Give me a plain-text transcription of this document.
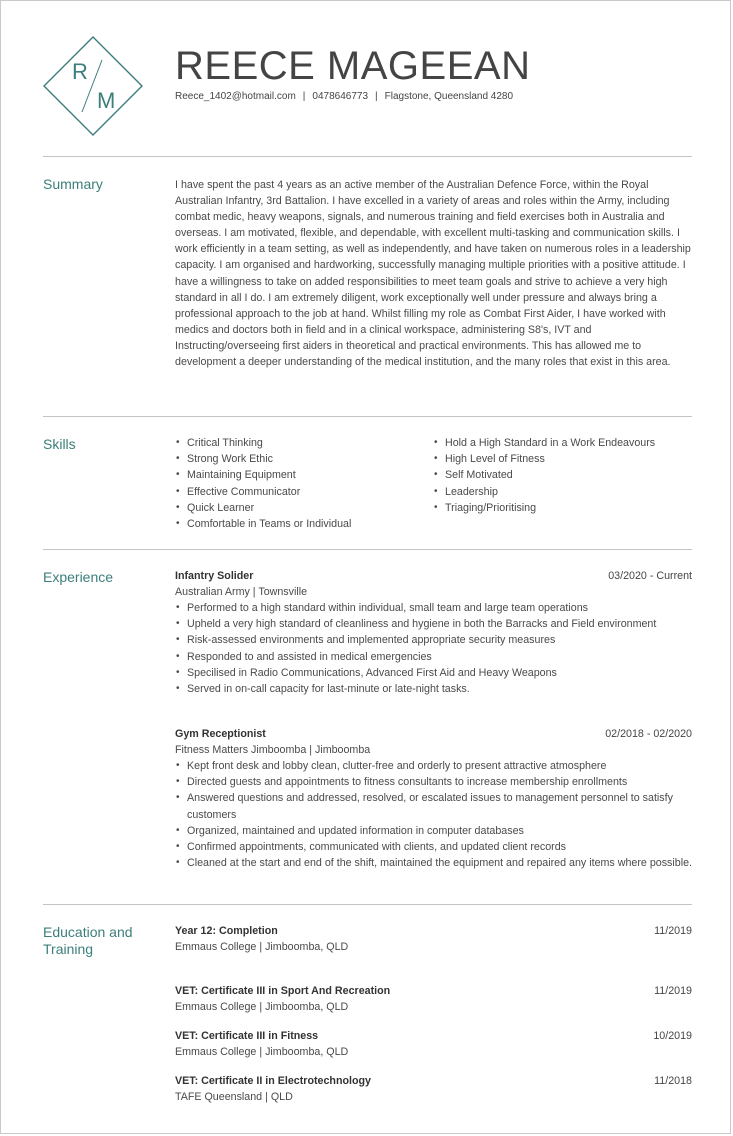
R
M
REECE MAGEEAN
Reece_1402@hotmail.com | 0478646773 | Flagstone, Queensland 4280
Summary	I have spent the past 4 years as an active member of the Australian Defence Force, within the Royal Australian Infantry, 3rd Battalion. I have excelled in a variety of areas and roles within the Army, including combat medic, heavy weapons, signals, and numerous training and field exercises both in Australia and overseas. I am motivated, flexible, and dependable, with excellent multi-tasking and communication skills. I work efficiently in a team setting, as well as independently, and have taken on numerous roles in a leadership capacity. I am organised and hardworking, successfully managing multiple priorities with a positive attitude. I have a willingness to take on added responsibilities to meet team goals and strive to achieve a very high standard in all I do. I am extremely diligent, work exceptionally well under pressure and always bring a professional approach to the job at hand. Whilst filling my role as Combat First Aider, I have worked with medics and doctors both in field and in a clinical workspace, administering S8's, IVT and Instructing/overseeing first aiders in theoretical and practical environments. This has allowed me to development a deeper understanding of the medical institution, and the many roles that exist in this area.

Skills
•	Critical Thinking
• Strong Work Ethic
• Maintaining Equipment
• Effective Communicator
• Quick Learner
• Comfortable in Teams or Individual
• Hold a High Standard in a Work Endeavours
• High Level of Fitness
• Self Motivated
• Leadership
• Triaging/Prioritising
Experience	Infantry Solider	03/2020 - Current
Australian Army | Townsville
• Performed to a high standard within individual, small team and large team operations
• Upheld a very high standard of cleanliness and hygiene in both the Barracks and Field environment
• Risk-assessed environments and implemented appropriate security measures
• Responded to and assisted in medical emergencies
• Specilised in Radio Communications, Advanced First Aid and Heavy Weapons
• Served in on-call capacity for last-minute or late-night tasks.
Gym Receptionist	02/2018 - 02/2020
Fitness Matters Jimboomba | Jimboomba
• Kept front desk and lobby clean, clutter-free and orderly to present attractive atmosphere
• Directed guests and appointments to fitness consultants to increase membership enrollments
• Answered questions and addressed, resolved, or escalated issues to management personnel to satisfy customers
• Organized, maintained and updated information in computer databases
• Confirmed appointments, communicated with clients, and updated client records
• Cleaned at the start and end of the shift, maintained the equipment and repaired any items where possible.
Education and Training
Year 12: Completion	11/2019
Emmaus College | Jimboomba, QLD
VET: Certificate III in Sport And Recreation	11/2019
Emmaus College | Jimboomba, QLD
VET: Certificate III in Fitness	10/2019
Emmaus College | Jimboomba, QLD
VET: Certificate II in Electrotechnology	11/2018
TAFE Queensland | QLD
